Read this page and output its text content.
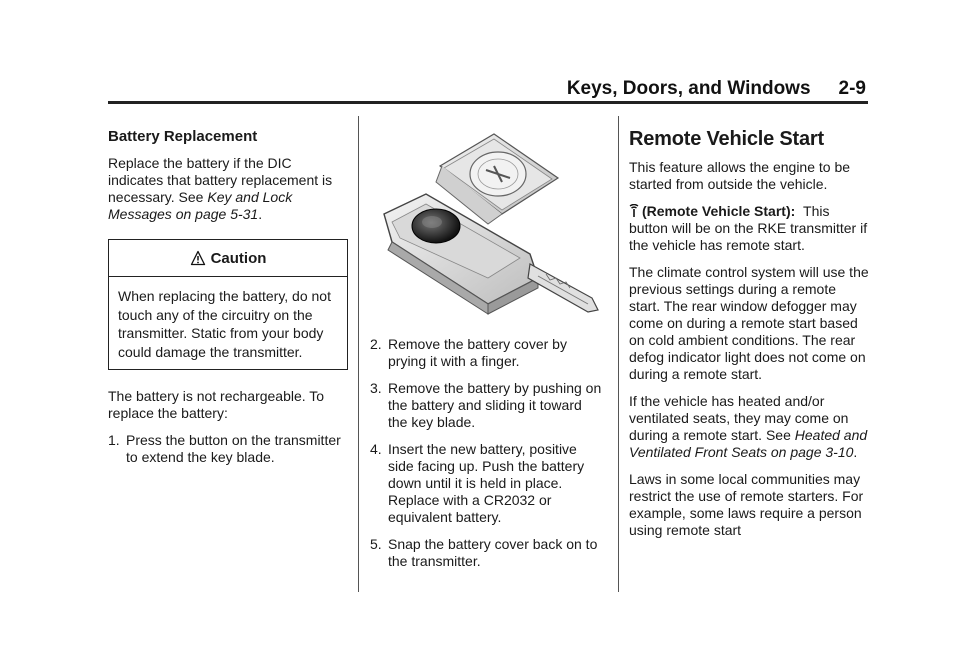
Keys, Doors, and Windows 2-9
Battery Replacement

Replace the battery if the DIC indicates that battery replacement is necessary. See Key and Lock Messages on page 5-31.

Caution
When replacing the battery, do not touch any of the circuitry on the transmitter. Static from your body could damage the transmitter.

The battery is not rechargeable. To replace the battery:

1. Press the button on the transmitter to extend the key blade.
2. Remove the battery cover by prying it with a finger.
3. Remove the battery by pushing on the battery and sliding it toward the key blade.
4. Insert the new battery, positive side facing up. Push the battery down until it is held in place. Replace with a CR2032 or equivalent battery.
5. Snap the battery cover back on to the transmitter.
Remote Vehicle Start

This feature allows the engine to be started from outside the vehicle.

(Remote Vehicle Start): This button will be on the RKE transmitter if the vehicle has remote start.

The climate control system will use the previous settings during a remote start. The rear window defogger may come on during a remote start based on cold ambient conditions. The rear defog indicator light does not come on during a remote start.

If the vehicle has heated and/or ventilated seats, they may come on during a remote start. See Heated and Ventilated Front Seats on page 3-10.

Laws in some local communities may restrict the use of remote starters. For example, some laws require a person using remote start
